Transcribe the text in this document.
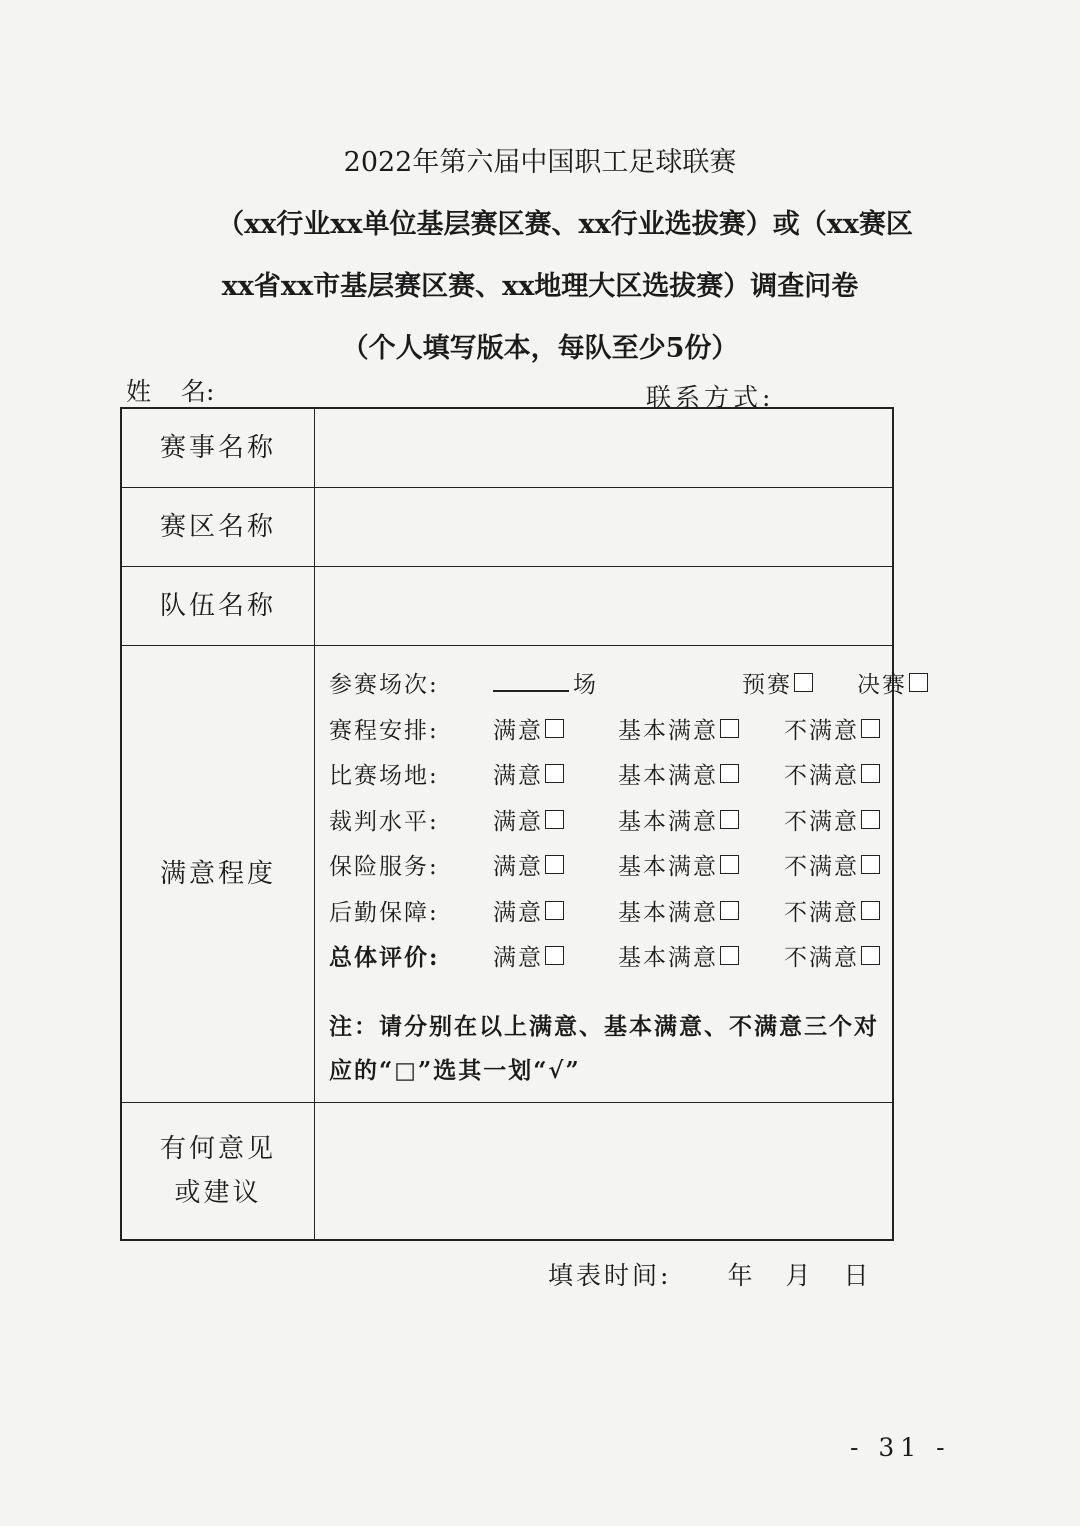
2022年第六届中国职工足球联赛
（xx行业xx单位基层赛区赛、xx行业选拔赛）或（xx赛区
xx省xx市基层赛区赛、xx地理大区选拔赛）调查问卷
（个人填写版本，每队至少5份）
姓 名:	联系方式:
赛事名称
赛区名称
队伍名称
满意程度
参赛场次:	场	预赛	决赛
赛程安排:	满意	基本满意	不满意
比赛场地:	满意	基本满意	不满意
裁判水平:	满意	基本满意	不满意
保险服务:	满意	基本满意	不满意
后勤保障:	满意	基本满意	不满意
总体评价:	满意	基本满意	不满意
注：请分别在以上满意、基本满意、不满意三个对
应的“□”选其一划“√”
有何意见
或建议
填表时间: 年 月 日
- 31 -
